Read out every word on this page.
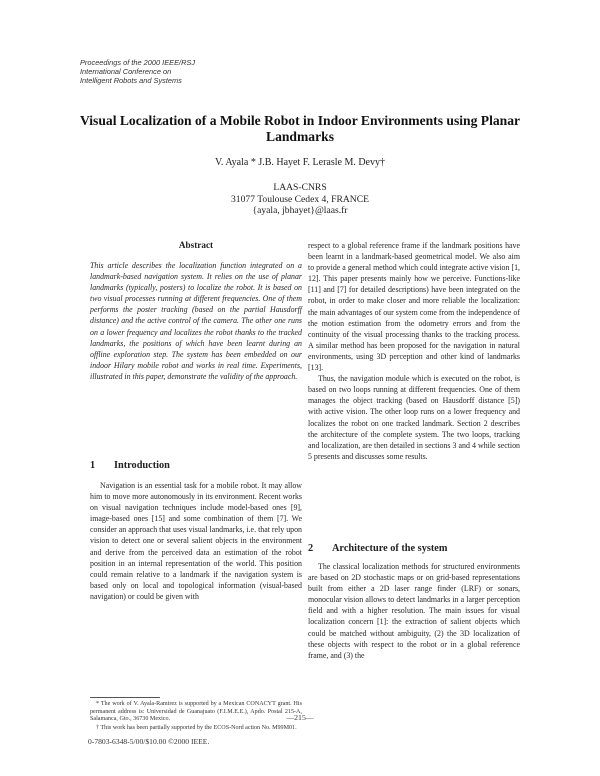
Proceedings of the 2000 IEEE/RSJ
International Conference on
Intelligent Robots and Systems
Visual Localization of a Mobile Robot in Indoor Environments using Planar Landmarks
V. Ayala * J.B. Hayet F. Lerasle M. Devy†
LAAS-CNRS
31077 Toulouse Cedex 4, FRANCE
{ayala, jbhayet}@laas.fr
Abstract

This article describes the localization function integrated on a landmark-based navigation system. It relies on the use of planar landmarks (typically, posters) to localize the robot. It is based on two visual processes running at different frequencies. One of them performs the poster tracking (based on the partial Hausdorff distance) and the active control of the camera. The other one runs on a lower frequency and localizes the robot thanks to the tracked landmarks, the positions of which have been learnt during an offline exploration step. The system has been embedded on our indoor Hilary mobile robot and works in real time. Experiments, illustrated in this paper, demonstrate the validity of the approach.

1 Introduction

Navigation is an essential task for a mobile robot. It may allow him to move more autonomously in its environment. Recent works on visual navigation techniques include model-based ones [9], image-based ones [15] and some combination of them [7]. We consider an approach that uses visual landmarks, i.e. that rely upon vision to detect one or several salient objects in the environment and derive from the perceived data an estimation of the robot position in an internal representation of the world. This position could remain relative to a landmark if the navigation system is based only on local and topological information (visual-based navigation) or could be given with

* The work of V. Ayala-Ramirez is supported by a Mexican CONACYT grant. His permanent address is: Universidad de Guanajuato (F.I.M.E.E.), Apdo. Postal 215-A, Salamanca, Gto., 36730 Mexico.

† This work has been partially supported by the ECOS-Nord action No. M99M01.

respect to a global reference frame if the landmark positions have been learnt in a landmark-based geometrical model. We also aim to provide a general method which could integrate active vision [1, 12]. This paper presents mainly how we perceive. Functions-like [11] and [7] for detailed descriptions) have been integrated on the robot, in order to make closer and more reliable the localization: the main advantages of our system come from the independence of the motion estimation from the odometry errors and from the continuity of the visual processing thanks to the tracking process. A similar method has been proposed for the navigation in natural environments, using 3D perception and other kind of landmarks [13].

Thus, the navigation module which is executed on the robot, is based on two loops running at different frequencies. One of them manages the object tracking (based on Hausdorff distance [5]) with active vision. The other loop runs on a lower frequency and localizes the robot on one tracked landmark. Section 2 describes the architecture of the complete system. The two loops, tracking and localization, are then detailed in sections 3 and 4 while section 5 presents and discusses some results.

2 Architecture of the system

The classical localization methods for structured environments are based on 2D stochastic maps or on grid-based representations built from either a 2D laser range finder (LRF) or sonars, monocular vision allows to detect landmarks in a larger perception field and with a higher resolution. The main issues for visual localization concern [1]: the extraction of salient objects which could be matched without ambiguity, (2) the 3D localization of these objects with respect to the robot or in a global reference frame, and (3) the

—215—
0-7803-6348-5/00/$10.00 ©2000 IEEE.
